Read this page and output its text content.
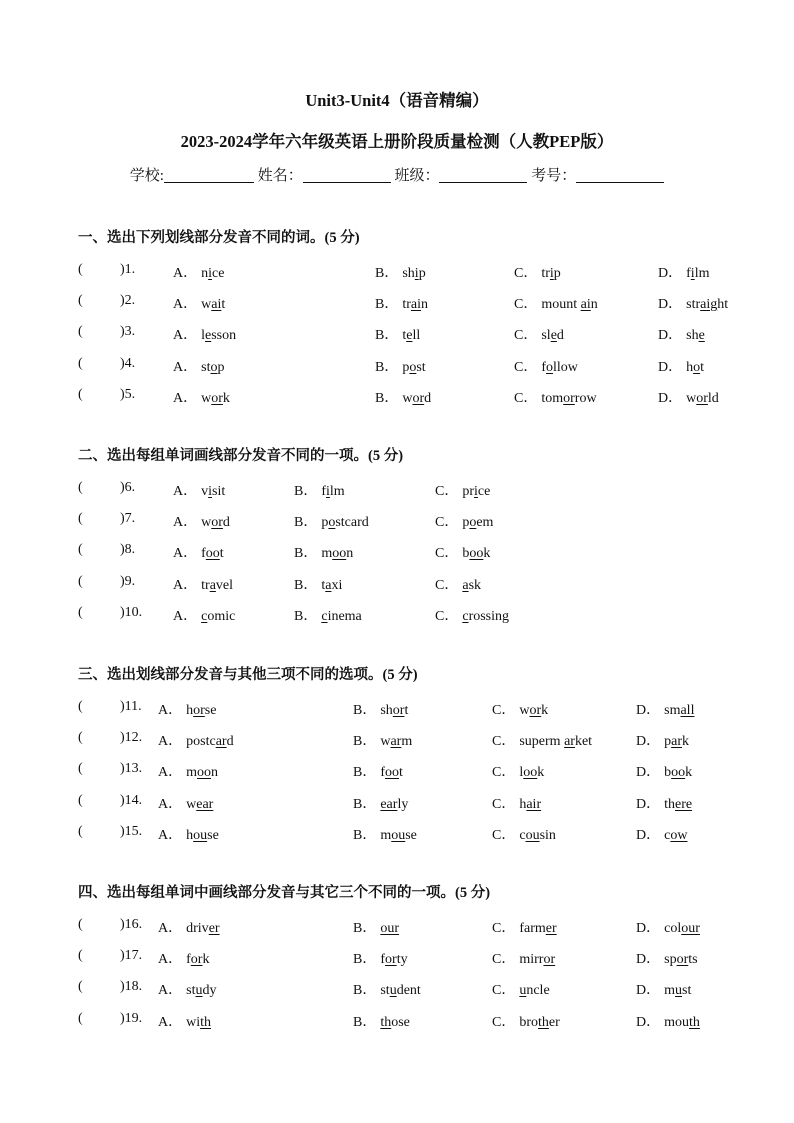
Unit3-Unit4（语音精编）
2023-2024学年六年级英语上册阶段质量检测（人教PEP版）
学校:	姓名：	班级：	考号：
一、选出下列划线部分发音不同的词。(5 分)
(	)1.	A． nice	B． ship	C． trip	D． film
(	)2.	A． wait	B． train	C． mount ain	D． straight
(	)3.	A． lesson	B． tell	C． sled	D． she
(	)4.	A． stop	B． post	C． follow	D． hot
(	)5.	A． work	B． word	C． tomorrow	D． world
二、选出每组单词画线部分发音不同的一项。(5 分)
(	)6.	A． visit	B． film	C． price
(	)7.	A． word	B． postcard	C． poem
(	)8.	A． foot	B． moon	C． book
(	)9.	A． travel	B． taxi	C． ask
(	)10. A． comic	B． cinema	C． crossing
三、选出划线部分发音与其他三项不同的选项。(5 分)
(	)11. A． horse	B． short	C． work	D． small
(	)12. A． postcard	B． warm	C． superm arket	D． park
(	)13. A． moon	B． foot	C． look	D． book
(	)14. A． wear	B． early	C． hair	D． there
(	)15. A． house	B． mouse	C． cousin	D． cow
四、选出每组单词中画线部分发音与其它三个不同的一项。(5 分)
(	)16. A． driver	B． our	C． farmer	D． colour
(	)17. A． fork	B． forty	C． mirror	D． sports
(	)18. A． study	B． student	C． uncle	D． must
(	)19. A． with	B． those	C． brother	D． mouth
